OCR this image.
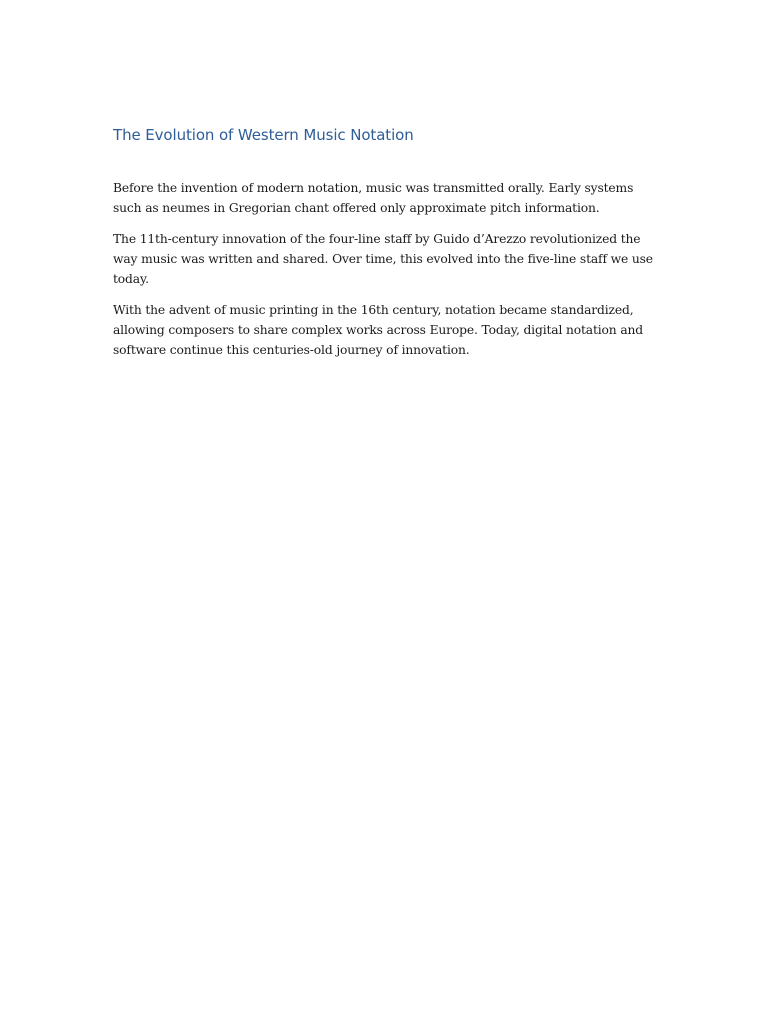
The Evolution of Western Music Notation

Before the invention of modern notation, music was transmitted orally. Early systems such as neumes in Gregorian chant offered only approximate pitch information.

The 11th-century innovation of the four-line staff by Guido d’Arezzo revolutionized the way music was written and shared. Over time, this evolved into the five-line staff we use today.

With the advent of music printing in the 16th century, notation became standardized, allowing composers to share complex works across Europe. Today, digital notation and software continue this centuries-old journey of innovation.
